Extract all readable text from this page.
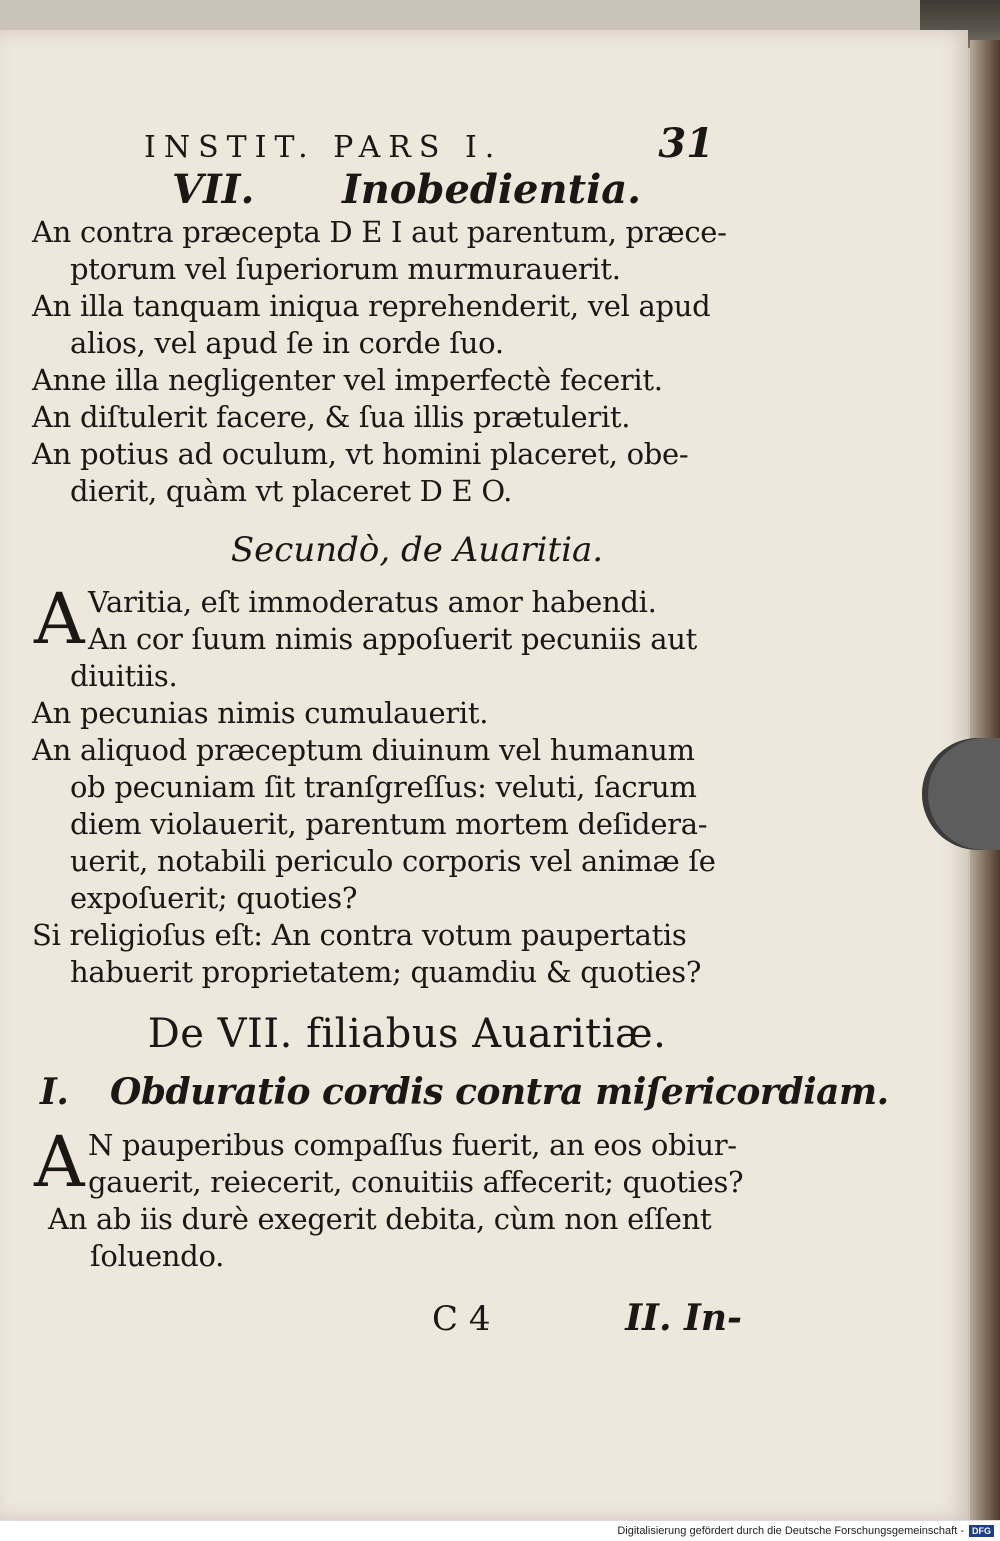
INSTIT. PARS I.	31
VII. Inobedientia.
An contra præcepta D E I aut parentum, præce-
ptorum vel ſuperiorum murmurauerit.
An illa tanquam iniqua reprehenderit, vel apud
alios, vel apud ſe in corde ſuo.
Anne illa negligenter vel imperfectè fecerit.
An diſtulerit facere, & ſua illis prætulerit.
An potius ad oculum, vt homini placeret, obe-
dierit, quàm vt placeret D E O.
Secundò, de Auaritia.
A Varitia, eſt immoderatus amor habendi.
An cor ſuum nimis appoſuerit pecuniis aut
diuitiis.
An pecunias nimis cumulauerit.
An aliquod præceptum diuinum vel humanum
ob pecuniam ſit tranſgreſſus: veluti, ſacrum
diem violauerit, parentum mortem deſidera-
uerit, notabili periculo corporis vel animæ ſe
expoſuerit; quoties?
Si religioſus eſt: An contra votum paupertatis
habuerit proprietatem; quamdiu & quoties?
De VII. filiabus Auaritiæ.
I. Obduratio cordis contra miſericordiam.
A N pauperibus compaſſus fuerit, an eos obiur-
gauerit, reiecerit, conuitiis affecerit; quoties?
An ab iis durè exegerit debita, cùm non eſſent
ſoluendo.
C 4	II. In-
Digitalisierung gefördert durch die Deutsche Forschungsgemeinschaft - DFG
